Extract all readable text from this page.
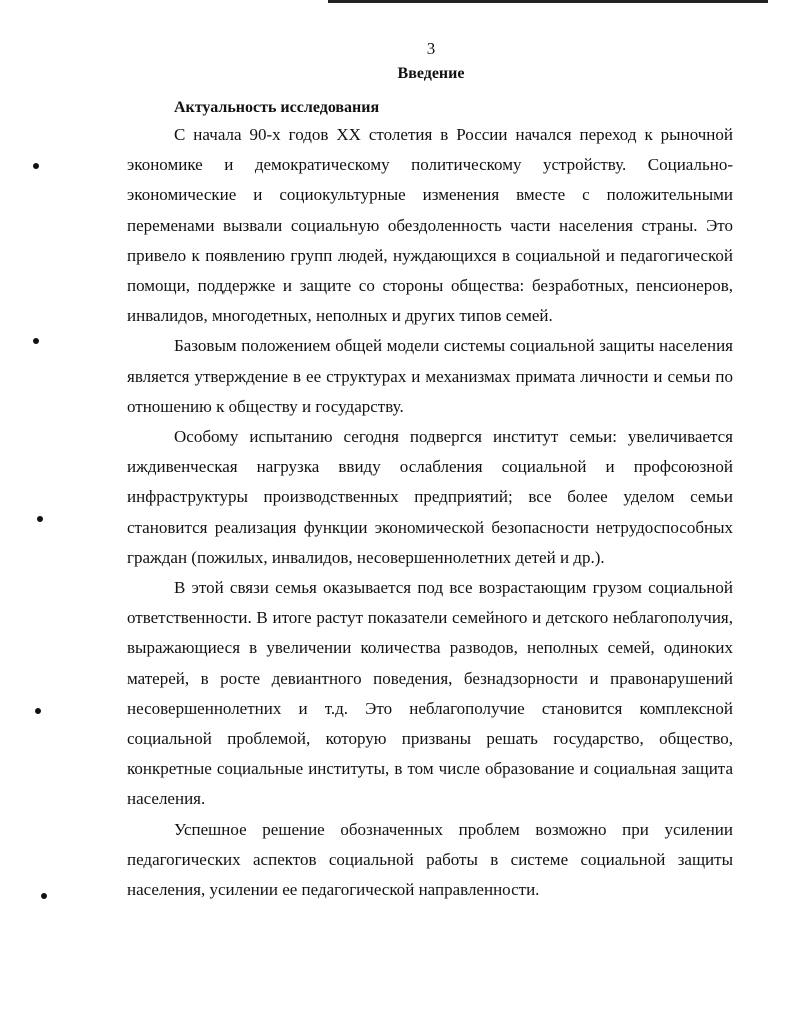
3
Введение
Актуальность исследования

С начала 90-х годов XX столетия в России начался переход к рыночной экономике и демократическому политическому устройству. Социально-экономические и социокультурные изменения вместе с положительными переменами вызвали социальную обездоленность части населения страны. Это привело к появлению групп людей, нуждающихся в социальной и педагогической помощи, поддержке и защите со стороны общества: безработных, пенсионеров, инвалидов, многодетных, неполных и других типов семей.

Базовым положением общей модели системы социальной защиты населения является утверждение в ее структурах и механизмах примата личности и семьи по отношению к обществу и государству.

Особому испытанию сегодня подвергся институт семьи: увеличивается иждивенческая нагрузка ввиду ослабления социальной и профсоюзной инфраструктуры производственных предприятий; все более уделом семьи становится реализация функции экономической безопасности нетрудоспособных граждан (пожилых, инвалидов, несовершеннолетних детей и др.).

В этой связи семья оказывается под все возрастающим грузом социальной ответственности. В итоге растут показатели семейного и детского неблагополучия, выражающиеся в увеличении количества разводов, неполных семей, одиноких матерей, в росте девиантного поведения, безнадзорности и правонарушений несовершеннолетних и т.д. Это неблагополучие становится комплексной социальной проблемой, которую призваны решать государство, общество, конкретные социальные институты, в том числе образование и социальная защита населения.

Успешное решение обозначенных проблем возможно при усилении педагогических аспектов социальной работы в системе социальной защиты населения, усилении ее педагогической направленности.
